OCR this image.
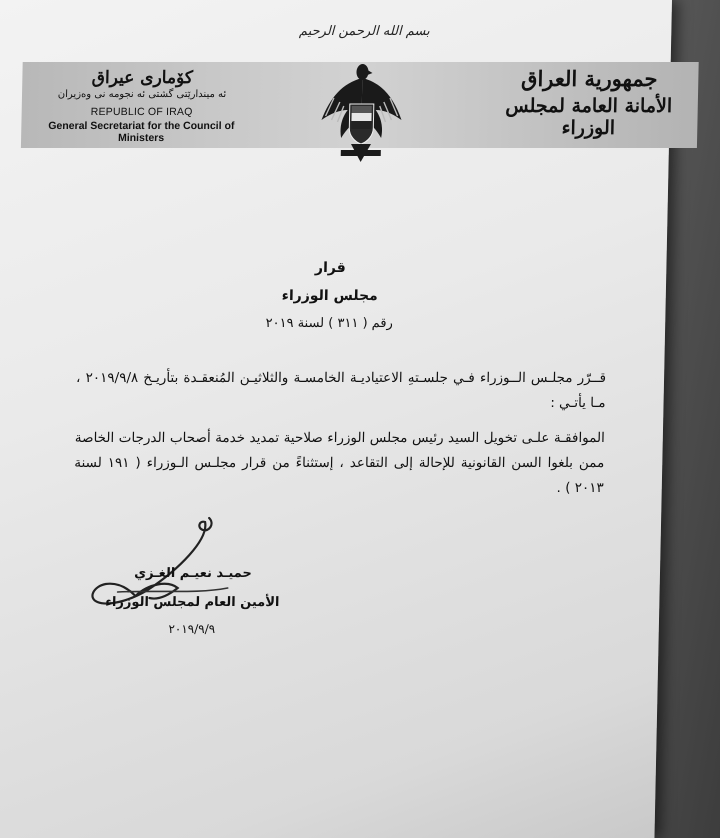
بسم الله الرحمن الرحيم
كۆماری عیراق
ئه ميندارێتی گشتی ئه نجومه نی وەزیران
REPUBLIC OF IRAQ
General Secretariat for the Council of Ministers
جمهورية العراق
الأمانة العامة لمجلس الوزراء
قرار
مجلس الوزراء
رقم ( ٣١١ ) لسنة ٢٠١٩

قــرّر مجلـس الــوزراء فـي جلسـتهِ الاعتياديـة الخامسـة والثلاثيـن المُنعقـدة بتأريـخ ٢٠١٩/٩/٨ ، مـا يأتـي :

الموافقـة علـى تخويل السيد رئيس مجلس الوزراء صلاحية تمديد خدمة أصحاب الدرجات الخاصة ممن بلغوا السن القانونية للإحالة إلى التقاعد ، إستثناءً من قرار مجلـس الـوزراء ( ١٩١ لسنة ٢٠١٣ ) .

حميـد نعيـم الغـزي
الأمين العام لمجلس الوزراء
٢٠١٩/٩/٩
